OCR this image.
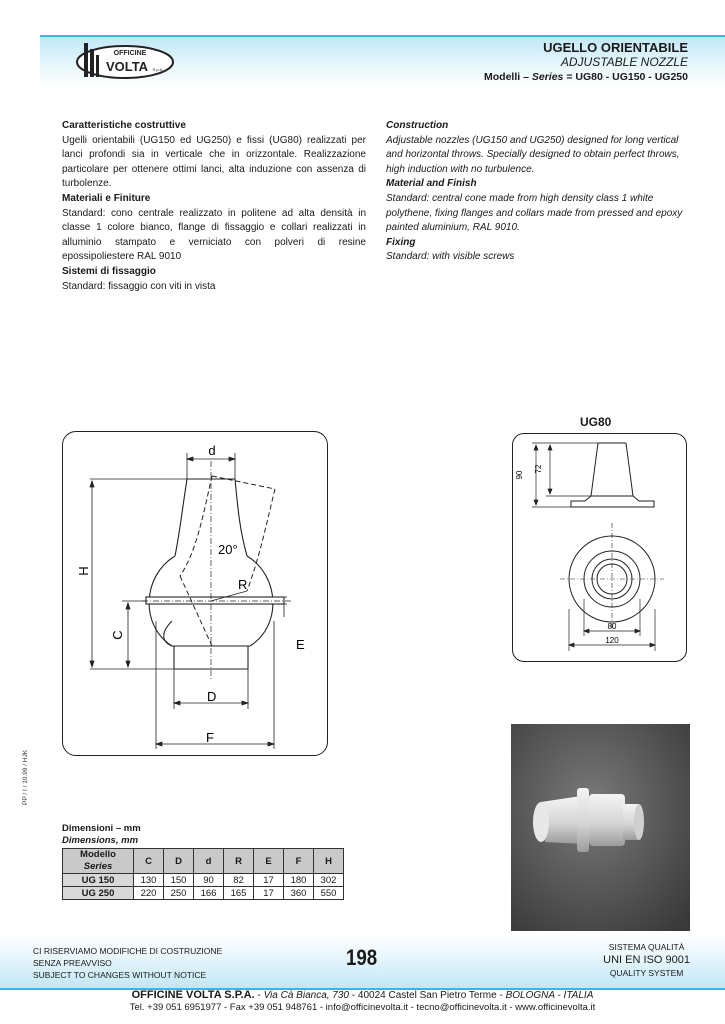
OFFICINE
VOLTA S.p.A.
UGELLO ORIENTABILE
ADJUSTABLE NOZZLE
Modelli – Series = UG80 - UG150 - UG250

Caratteristiche costruttive

Ugelli orientabili (UG150 ed UG250) e fissi (UG80) realizzati per lanci profondi sia in verticale che in orizzontale. Realizzazione particolare per ottenere ottimi lanci, alta induzione con assenza di turbolenze.

Materiali e Finiture

Standard: cono centrale realizzato in politene ad alta densità in classe 1 colore bianco, flange di fissaggio e collari realizzati in alluminio stampato e verniciato con polveri di resine epossipoliestere RAL 9010

Sistemi di fissaggio

Standard: fissaggio con viti in vista

Construction

Adjustable nozzles (UG150 and UG250) designed for long vertical and horizontal throws. Specially designed to obtain perfect throws, high induction with no turbulence.

Material and Finish

Standard: central cone made from high density class 1 white polythene, fixing flanges and collars made from pressed and epoxy painted aluminium, RAL 9010.

Fixing

Standard: with visible screws

d
20°
R
E
D
F
H
C
UG80
90
72
80
120
PP / I / 10.99 / HJK
Dimensioni – mm
Dimensions, mm
Modello
Series	C	D	d	R	E	F	H
UG 150	130	150	90	82	17	180	302
UG 250	220	250	166	165	17	360	550
CI RISERVIAMO MODIFICHE DI COSTRUZIONE
SENZA PREAVVISO
SUBJECT TO CHANGES WITHOUT NOTICE
198	SISTEMA QUALITÀ
UNI EN ISO 9001
QUALITY SYSTEM
OFFICINE VOLTA S.P.A. - Via Cà Bianca, 730 - 40024 Castel San Pietro Terme - BOLOGNA - ITALIA
Tel. +39 051 6951977 - Fax +39 051 948761 - info@officinevolta.it - tecno@officinevolta.it - www.officinevolta.it
